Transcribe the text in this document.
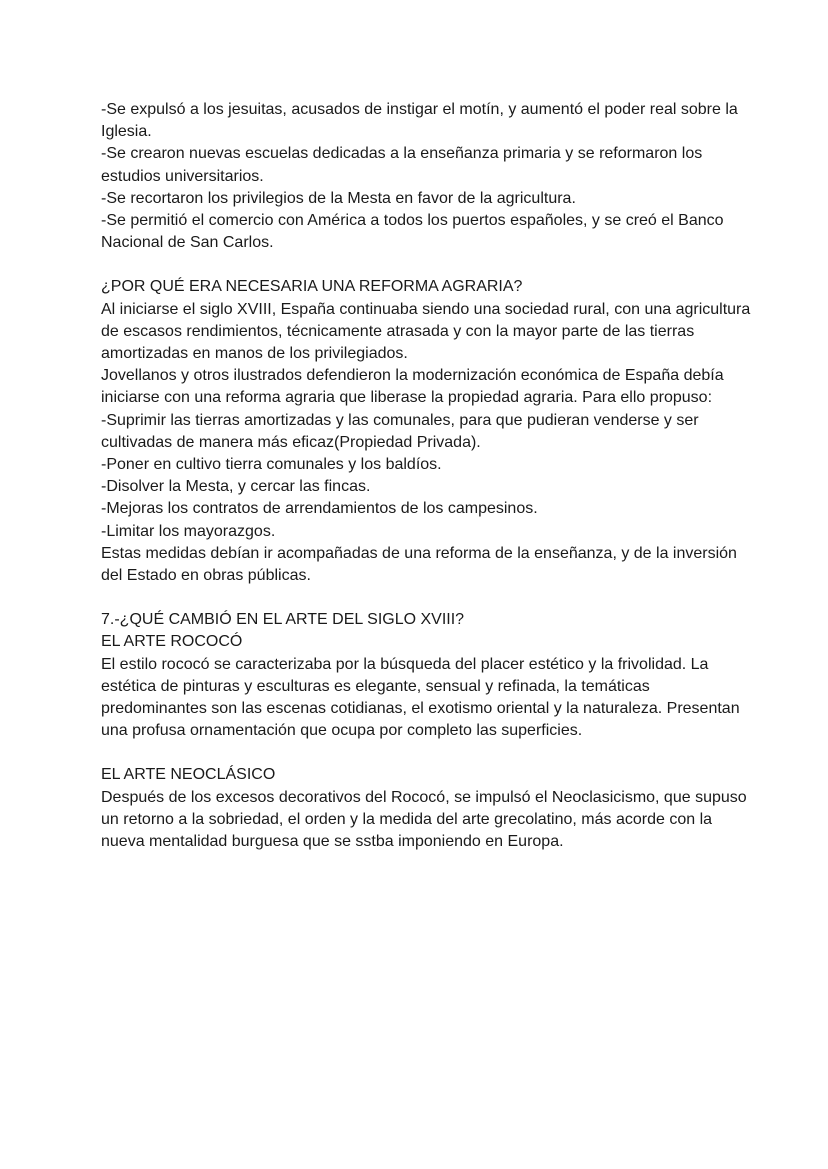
-Se expulsó a los jesuitas, acusados de instigar el motín, y aumentó el poder real sobre la Iglesia.

-Se crearon nuevas escuelas dedicadas a la enseñanza primaria y se reformaron los estudios universitarios.

-Se recortaron los privilegios de la Mesta en favor de la agricultura.

-Se permitió el comercio con América a todos los puertos españoles, y se creó el Banco Nacional de San Carlos.

¿POR QUÉ ERA NECESARIA UNA REFORMA AGRARIA?

Al iniciarse el siglo XVIII, España continuaba siendo una sociedad rural, con una agricultura de escasos rendimientos, técnicamente atrasada y con la mayor parte de las tierras amortizadas en manos de los privilegiados.

Jovellanos y otros ilustrados defendieron la modernización económica de España debía iniciarse con una reforma agraria que liberase la propiedad agraria. Para ello propuso:

-Suprimir las tierras amortizadas y las comunales, para que pudieran venderse y ser cultivadas de manera más eficaz(Propiedad Privada).

-Poner en cultivo tierra comunales y los baldíos.

-Disolver la Mesta, y cercar las fincas.

-Mejoras los contratos de arrendamientos de los campesinos.

-Limitar los mayorazgos.

Estas medidas debían ir acompañadas de una reforma de la enseñanza, y de la inversión del Estado en obras públicas.

7.-¿QUÉ CAMBIÓ EN EL ARTE DEL SIGLO XVIII?

EL ARTE ROCOCÓ

El estilo rococó se caracterizaba por la búsqueda del placer estético y la frivolidad. La estética de pinturas y esculturas es elegante, sensual y refinada, la temáticas predominantes son las escenas cotidianas, el exotismo oriental y la naturaleza. Presentan una profusa ornamentación que ocupa por completo las superficies.

EL ARTE NEOCLÁSICO

Después de los excesos decorativos del Rococó, se impulsó el Neoclasicismo, que supuso un retorno a la sobriedad, el orden y la medida del arte grecolatino, más acorde con la nueva mentalidad burguesa que se sstba imponiendo en Europa.
